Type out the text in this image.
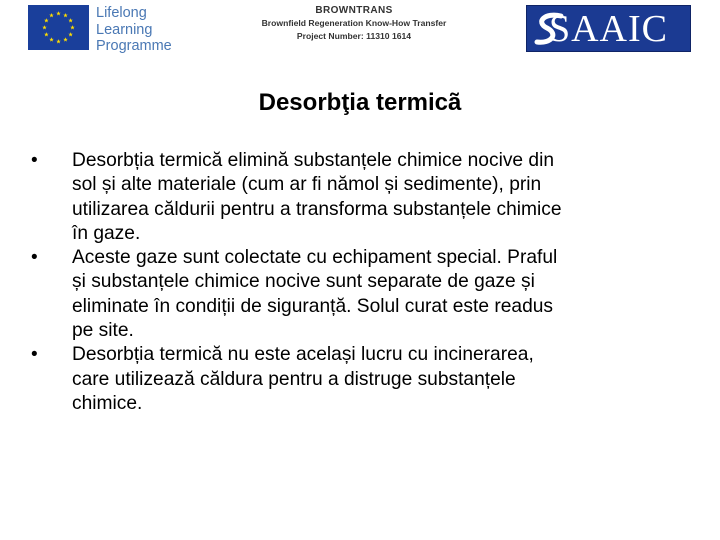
Lifelong
Learning
Programme
BROWNTRANS
Brownfield Regeneration Know-How Transfer
Project Number: 11310 1614	SAAIC
Desorbţia termicã
• Desorbția termică elimină substanțele chimice nocive din
sol și alte materiale (cum ar fi nămol și sedimente), prin
utilizarea căldurii pentru a transforma substanțele chimice
în gaze.
• Aceste gaze sunt colectate cu echipament special. Praful
și substanțele chimice nocive sunt separate de gaze și
eliminate în condiții de siguranță. Solul curat este readus
pe site.
• Desorbția termică nu este același lucru cu incinerarea,
care utilizează căldura pentru a distruge substanțele
chimice.
